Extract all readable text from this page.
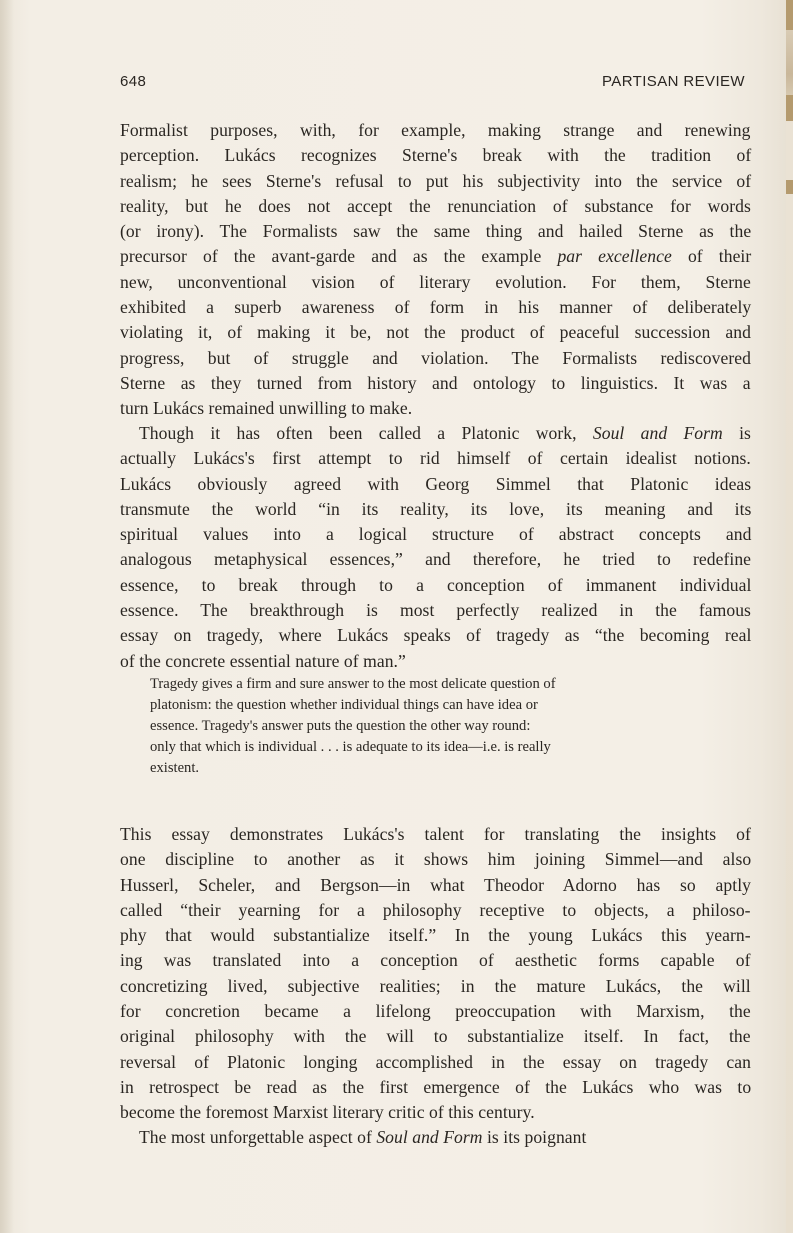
648	PARTISAN REVIEW

Formalist purposes, with, for example, making strange and renewing
perception. Lukács recognizes Sterne's break with the tradition of
realism; he sees Sterne's refusal to put his subjectivity into the service of
reality, but he does not accept the renunciation of substance for words
(or irony). The Formalists saw the same thing and hailed Sterne as the
precursor of the avant-garde and as the example par excellence of their
new, unconventional vision of literary evolution. For them, Sterne
exhibited a superb awareness of form in his manner of deliberately
violating it, of making it be, not the product of peaceful succession and
progress, but of struggle and violation. The Formalists rediscovered
Sterne as they turned from history and ontology to linguistics. It was a
turn Lukács remained unwilling to make.

Though it has often been called a Platonic work, Soul and Form is
actually Lukács's first attempt to rid himself of certain idealist notions.
Lukács obviously agreed with Georg Simmel that Platonic ideas
transmute the world “in its reality, its love, its meaning and its
spiritual values into a logical structure of abstract concepts and
analogous metaphysical essences,” and therefore, he tried to redefine
essence, to break through to a conception of immanent individual
essence. The breakthrough is most perfectly realized in the famous
essay on tragedy, where Lukács speaks of tragedy as “the becoming real
of the concrete essential nature of man.”

Tragedy gives a firm and sure answer to the most delicate question of
platonism: the question whether individual things can have idea or
essence. Tragedy's answer puts the question the other way round:
only that which is individual . . . is adequate to its idea—i.e. is really
existent.

This essay demonstrates Lukács's talent for translating the insights of
one discipline to another as it shows him joining Simmel—and also
Husserl, Scheler, and Bergson—in what Theodor Adorno has so aptly
called “their yearning for a philosophy receptive to objects, a philoso-
phy that would substantialize itself.” In the young Lukács this yearn-
ing was translated into a conception of aesthetic forms capable of
concretizing lived, subjective realities; in the mature Lukács, the will
for concretion became a lifelong preoccupation with Marxism, the
original philosophy with the will to substantialize itself. In fact, the
reversal of Platonic longing accomplished in the essay on tragedy can
in retrospect be read as the first emergence of the Lukács who was to
become the foremost Marxist literary critic of this century.

The most unforgettable aspect of Soul and Form is its poignant
